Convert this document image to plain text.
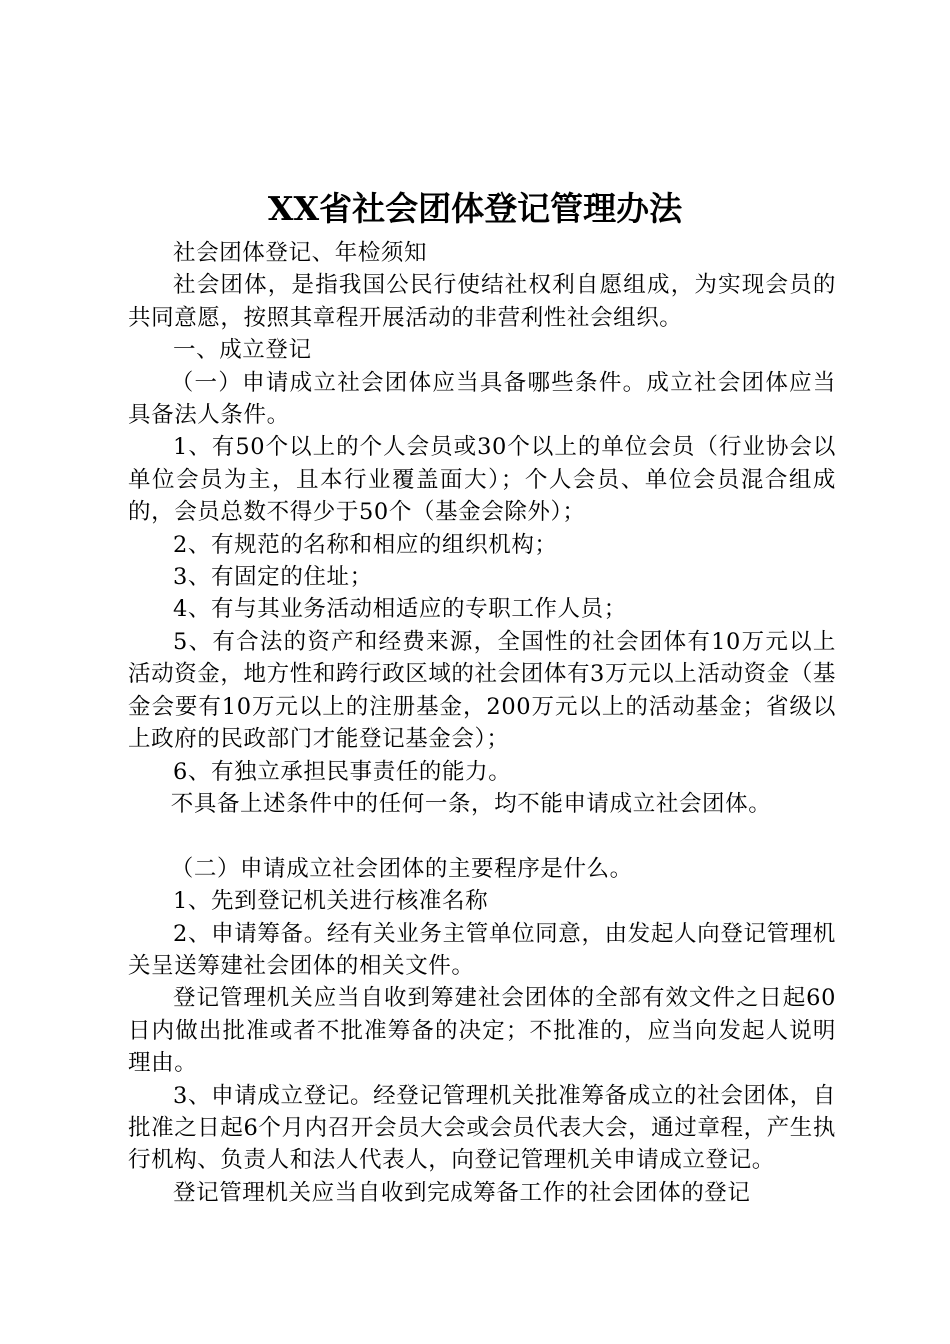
XX省社会团体登记管理办法

社会团体登记、年检须知

社会团体，是指我国公民行使结社权利自愿组成，为实现会员的共同意愿，按照其章程开展活动的非营利性社会组织。

一、成立登记

（一）申请成立社会团体应当具备哪些条件。成立社会团体应当具备法人条件。

1、有50个以上的个人会员或30个以上的单位会员（行业协会以单位会员为主，且本行业覆盖面大）；个人会员、单位会员混合组成的，会员总数不得少于50个（基金会除外）；

2、有规范的名称和相应的组织机构；

3、有固定的住址；

4、有与其业务活动相适应的专职工作人员；

5、有合法的资产和经费来源，全国性的社会团体有10万元以上活动资金，地方性和跨行政区域的社会团体有3万元以上活动资金（基金会要有10万元以上的注册基金，200万元以上的活动基金；省级以上政府的民政部门才能登记基金会）；

6、有独立承担民事责任的能力。

不具备上述条件中的任何一条，均不能申请成立社会团体。

（二）申请成立社会团体的主要程序是什么。

1、先到登记机关进行核准名称

2、申请筹备。经有关业务主管单位同意，由发起人向登记管理机关呈送筹建社会团体的相关文件。

登记管理机关应当自收到筹建社会团体的全部有效文件之日起60日内做出批准或者不批准筹备的决定；不批准的，应当向发起人说明理由。

3、申请成立登记。经登记管理机关批准筹备成立的社会团体，自批准之日起6个月内召开会员大会或会员代表大会，通过章程，产生执行机构、负责人和法人代表人，向登记管理机关申请成立登记。

登记管理机关应当自收到完成筹备工作的社会团体的登记
